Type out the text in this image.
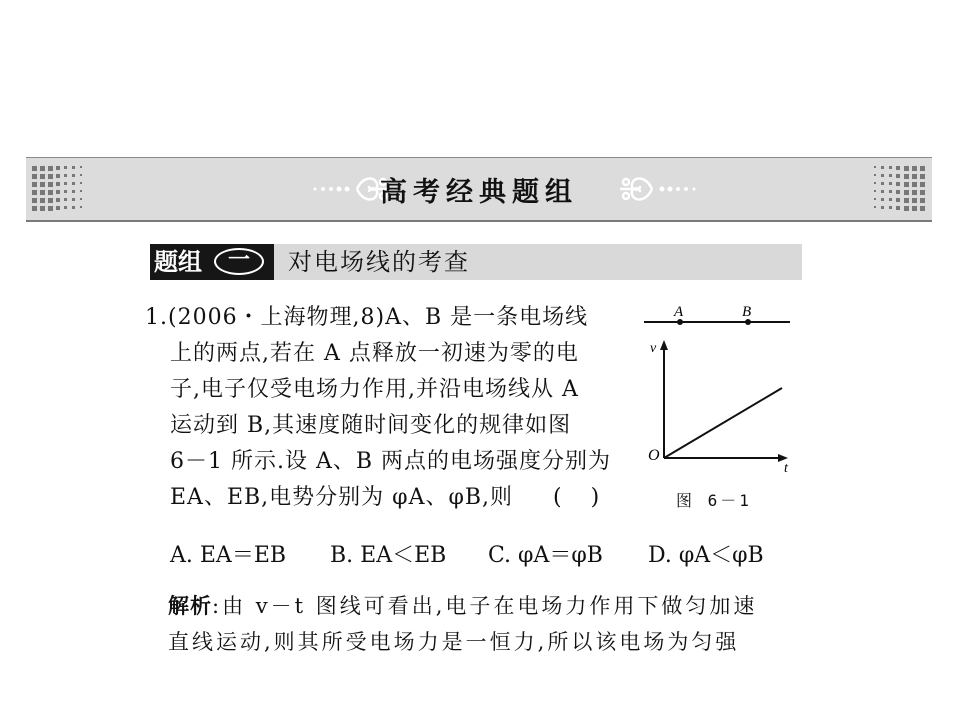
高考经典题组
题组	一	对电场线的考查
1.(2006・上海物理,8)A、B 是一条电场线
上的两点,若在 A 点释放一初速为零的电
子,电子仅受电场力作用,并沿电场线从 A
运动到 B,其速度随时间变化的规律如图
6－1 所示.设 A、B 两点的电场强度分别为
EA、EB,电势分别为 φA、φB,则 (　 )
A. EA＝EB B. EA＜EB C. φA＝φB D. φA＜φB
A	B
v
t
O
图 6－1
解析:由 v－t 图线可看出,电子在电场力作用下做匀加速
直线运动,则其所受电场力是一恒力,所以该电场为匀强
